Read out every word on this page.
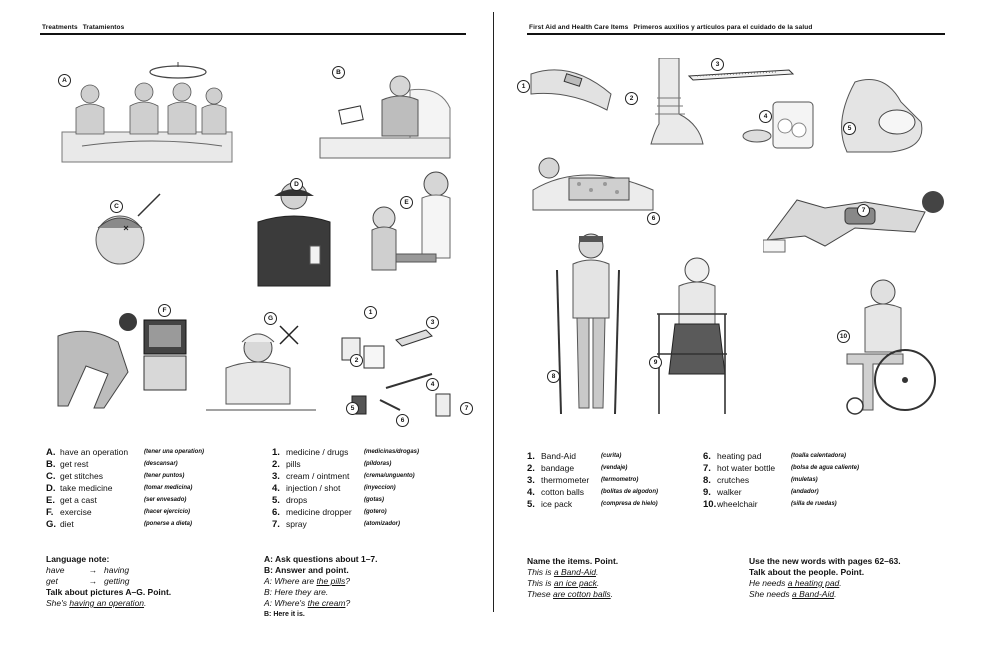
Treatments Tratamientos
A
B
C
D
E
F
G
1
2
3
4
5
6
7
A. have an operation	(tener una operation)
B. get rest	(descansar)
C. get stitches	(tener puntos)
D. take medicine	(tomar medicina)
E. get a cast	(ser envesado)
F. exercise	(hacer ejercicio)
G. diet	(ponerse a dieta)
1. medicine / drugs	(medicinas/drogas)
2. pills	(píldoras)
3. cream / ointment (crema/unguento)
4. injection / shot	(inyeccion)
5. drops	(gotas)
6. medicine dropper (gotero)
7. spray	(atomizador)
Language note:
have	→ having
get	→ getting
Talk about pictures A–G. Point.
She's having an operation.
A: Ask questions about 1–7.
B: Answer and point.
A: Where are the pills?
B: Here they are.
A: Where's the cream?
B: Here it is.
First Aid and Health Care Items Primeros auxilios y artículos para el cuidado de la salud
1
2
3
4
5
6
7
8
9
10
1. Band-Aid	(curita)
2. bandage	(vendaje)
3. thermometer (termometro)
4. cotton balls	(bolitas de algodon)
5. ice pack	(compresa de hielo)
6. heating pad	(toalla calentadora)
7. hot water bottle	(bolsa de agua caliente)
8. crutches	(muletas)
9. walker	(andador)
10.wheelchair	(silla de ruedas)
Name the items. Point.
This is a Band-Aid.
This is an ice pack.
These are cotton balls.
Use the new words with pages 62–63.
Talk about the people. Point.
He needs a heating pad.
She needs a Band-Aid.
